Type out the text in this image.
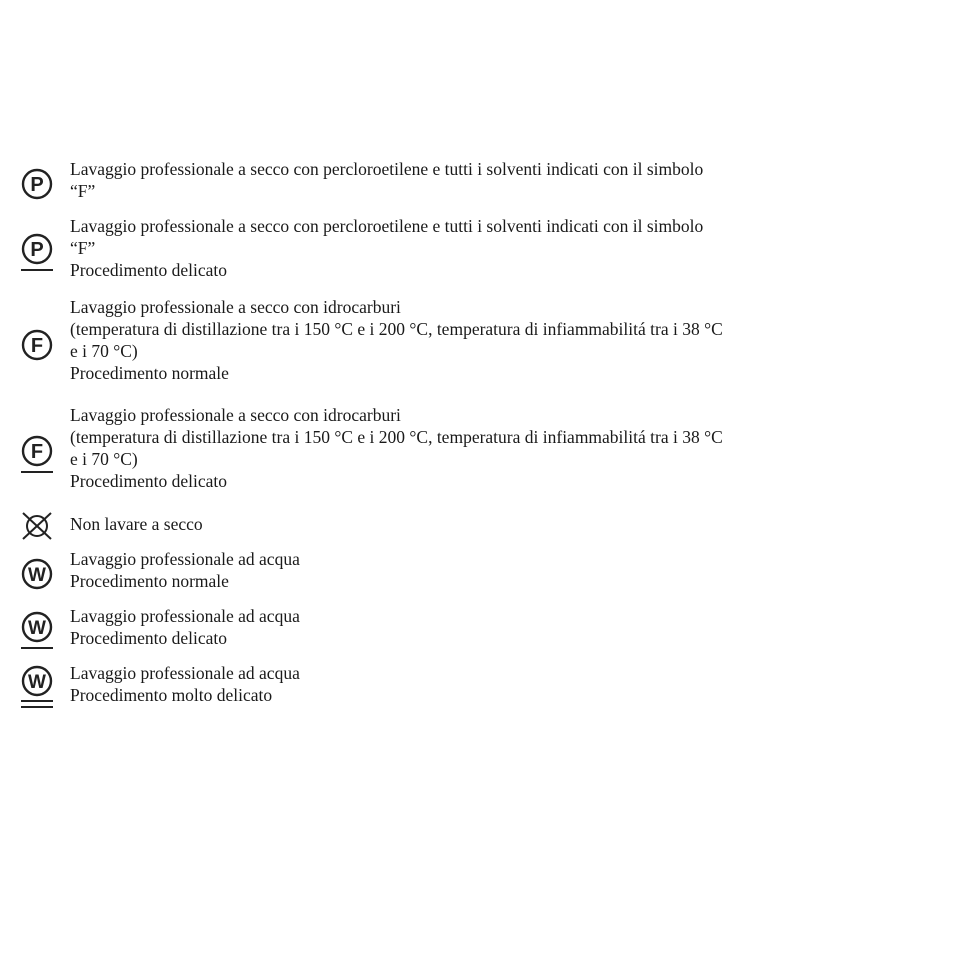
P
Lavaggio professionale a secco con percloroetilene e tutti i solventi indicati con il simbolo
“F”
P
Lavaggio professionale a secco con percloroetilene e tutti i solventi indicati con il simbolo
“F”
Procedimento delicato
F
Lavaggio professionale a secco con idrocarburi
(temperatura di distillazione tra i 150 °C e i 200 °C, temperatura di infiammabilitá tra i 38 °C
e i 70 °C)
Procedimento normale
F
Lavaggio professionale a secco con idrocarburi
(temperatura di distillazione tra i 150 °C e i 200 °C, temperatura di infiammabilitá tra i 38 °C
e i 70 °C)
Procedimento delicato
Non lavare a secco
W
Lavaggio professionale ad acqua
Procedimento normale
W
Lavaggio professionale ad acqua
Procedimento delicato
W Lavaggio professionale ad acqua
Procedimento molto delicato
